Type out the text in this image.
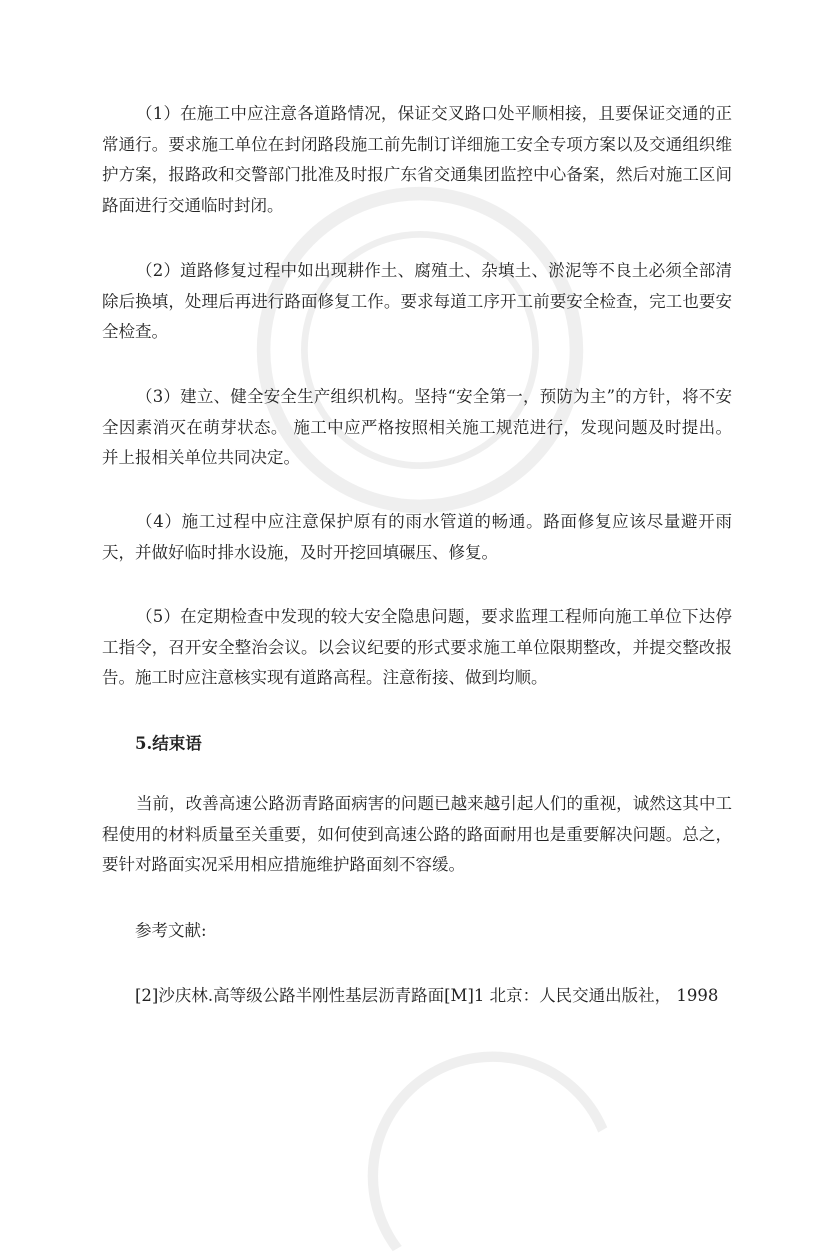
（1）在施工中应注意各道路情况，保证交叉路口处平顺相接，且要保证交通的正常通行。要求施工单位在封闭路段施工前先制订详细施工安全专项方案以及交通组织维护方案，报路政和交警部门批准及时报广东省交通集团监控中心备案，然后对施工区间路面进行交通临时封闭。

（2）道路修复过程中如出现耕作土、腐殖土、杂填土、淤泥等不良土必须全部清除后换填，处理后再进行路面修复工作。要求每道工序开工前要安全检查，完工也要安全检查。

（3）建立、健全安全生产组织机构。坚持“安全第一，预防为主”的方针，将不安全因素消灭在萌芽状态。 施工中应严格按照相关施工规范进行，发现问题及时提出。并上报相关单位共同决定。

（4）施工过程中应注意保护原有的雨水管道的畅通。路面修复应该尽量避开雨天，并做好临时排水设施，及时开挖回填碾压、修复。

（5）在定期检查中发现的较大安全隐患问题，要求监理工程师向施工单位下达停工指令，召开安全整治会议。以会议纪要的形式要求施工单位限期整改，并提交整改报告。施工时应注意核实现有道路高程。注意衔接、做到均顺。

5.结束语

当前，改善高速公路沥青路面病害的问题已越来越引起人们的重视，诚然这其中工程使用的材料质量至关重要，如何使到高速公路的路面耐用也是重要解决问题。总之，要针对路面实况采用相应措施维护路面刻不容缓。

参考文献:

[2]沙庆林.高等级公路半刚性基层沥青路面[M]1 北京：人民交通出版社， 1998
